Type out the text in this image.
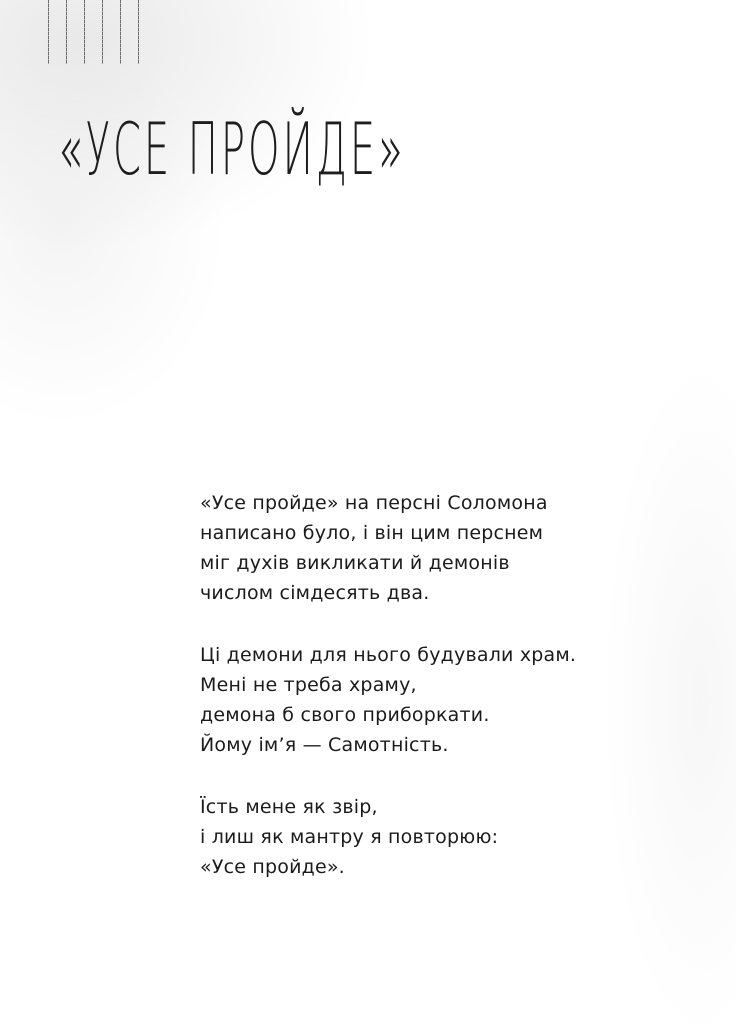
«УСЕ ПРОЙДЕ»
«Усе пройде» на персні Соломона
написано було, і він цим перснем
міг духів викликати й демонів
числом сімдесять два.
Ці демони для нього будували храм.
Мені не треба храму,
демона б свого приборкати.
Йому ім’я — Самотність.
Їсть мене як звір,
і лиш як мантру я повторюю:
«Усе пройде».
